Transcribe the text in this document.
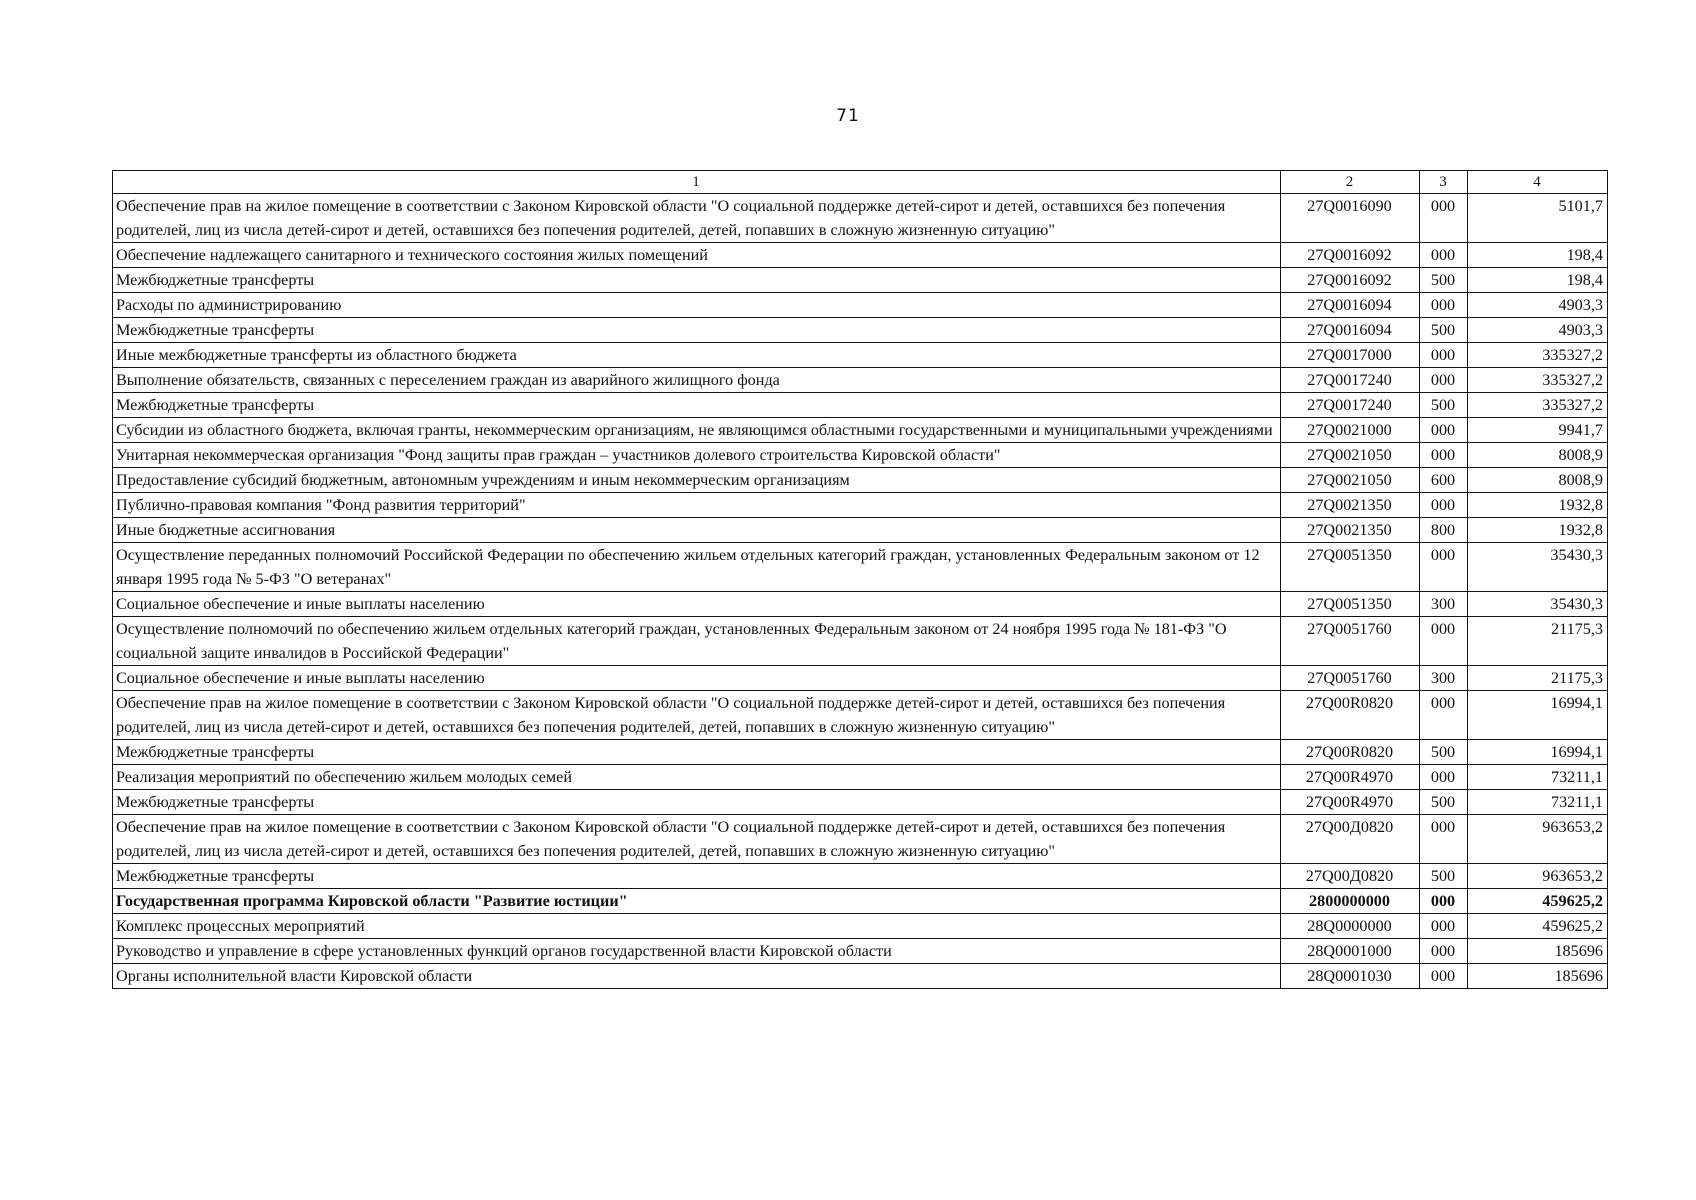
71
1	2	3	4
Обеспечение прав на жилое помещение в соответствии с Законом Кировской области "О социальной поддержке детей-сирот и детей, оставшихся без попечения родителей, лиц из числа детей-сирот и детей, оставшихся без попечения родителей, детей, попавших в сложную жизненную ситуацию"	27Q0016090	000	5101,7
Обеспечение надлежащего санитарного и технического состояния жилых помещений	27Q0016092	000	198,4
Межбюджетные трансферты	27Q0016092	500	198,4
Расходы по администрированию	27Q0016094	000	4903,3
Межбюджетные трансферты	27Q0016094	500	4903,3
Иные межбюджетные трансферты из областного бюджета	27Q0017000	000	335327,2
Выполнение обязательств, связанных с переселением граждан из аварийного жилищного фонда	27Q0017240	000	335327,2
Межбюджетные трансферты	27Q0017240	500	335327,2
Субсидии из областного бюджета, включая гранты, некоммерческим организациям, не являющимся областными государственными и муниципальными учреждениями	27Q0021000	000	9941,7
Унитарная некоммерческая организация "Фонд защиты прав граждан – участников долевого строительства Кировской области"	27Q0021050	000	8008,9
Предоставление субсидий бюджетным, автономным учреждениям и иным некоммерческим организациям	27Q0021050	600	8008,9
Публично-правовая компания "Фонд развития территорий"	27Q0021350	000	1932,8
Иные бюджетные ассигнования	27Q0021350	800	1932,8
Осуществление переданных полномочий Российской Федерации по обеспечению жильем отдельных категорий граждан, установленных Федеральным законом от 12 января 1995 года № 5-ФЗ "О ветеранах"	27Q0051350	000	35430,3
Социальное обеспечение и иные выплаты населению	27Q0051350	300	35430,3
Осуществление полномочий по обеспечению жильем отдельных категорий граждан, установленных Федеральным законом от 24 ноября 1995 года № 181-ФЗ "О социальной защите инвалидов в Российской Федерации"	27Q0051760	000	21175,3
Социальное обеспечение и иные выплаты населению	27Q0051760	300	21175,3
Обеспечение прав на жилое помещение в соответствии с Законом Кировской области "О социальной поддержке детей-сирот и детей, оставшихся без попечения родителей, лиц из числа детей-сирот и детей, оставшихся без попечения родителей, детей, попавших в сложную жизненную ситуацию"	27Q00R0820	000	16994,1
Межбюджетные трансферты	27Q00R0820	500	16994,1
Реализация мероприятий по обеспечению жильем молодых семей	27Q00R4970	000	73211,1
Межбюджетные трансферты	27Q00R4970	500	73211,1
Обеспечение прав на жилое помещение в соответствии с Законом Кировской области "О социальной поддержке детей-сирот и детей, оставшихся без попечения родителей, лиц из числа детей-сирот и детей, оставшихся без попечения родителей, детей, попавших в сложную жизненную ситуацию"	27Q00Д0820	000	963653,2
Межбюджетные трансферты	27Q00Д0820	500	963653,2
Государственная программа Кировской области "Развитие юстиции"	2800000000	000	459625,2
Комплекс процессных мероприятий	28Q0000000	000	459625,2
Руководство и управление в сфере установленных функций органов государственной власти Кировской области	28Q0001000	000	185696
Органы исполнительной власти Кировской области	28Q0001030	000	185696
